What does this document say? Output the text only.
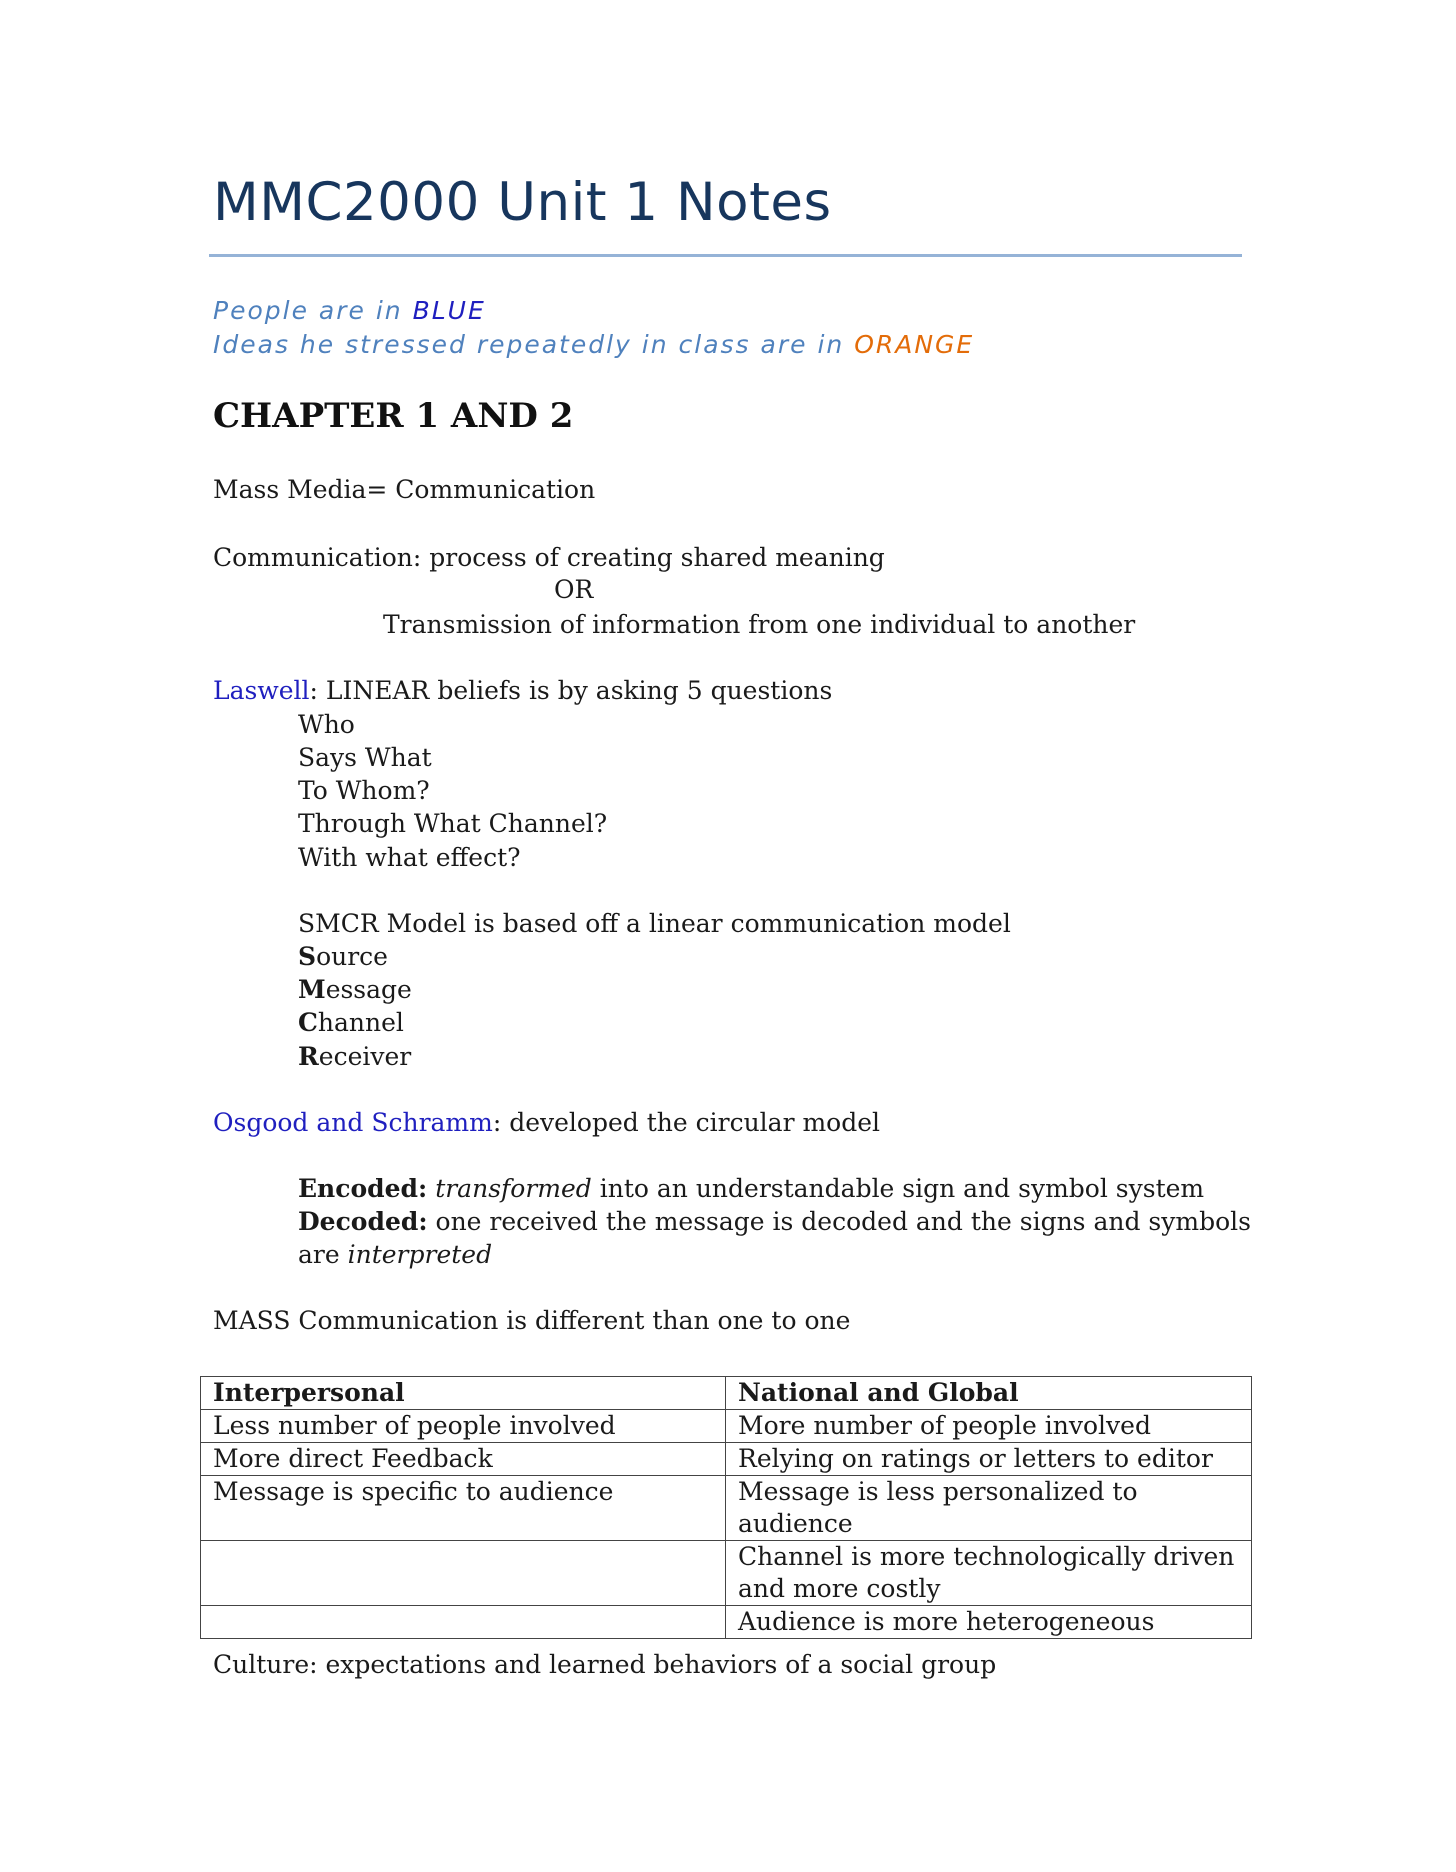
MMC2000 Unit 1 Notes
People are in BLUE
Ideas he stressed repeatedly in class are in ORANGE
CHAPTER 1 AND 2
Mass Media= Communication
Communication: process of creating shared meaning
OR
Transmission of information from one individual to another
Laswell: LINEAR beliefs is by asking 5 questions
Who
Says What
To Whom?
Through What Channel?
With what effect?
SMCR Model is based off a linear communication model
Source
Message
Channel
Receiver
Osgood and Schramm: developed the circular model
Encoded: transformed into an understandable sign and symbol system
Decoded: one received the message is decoded and the signs and symbols
are interpreted
MASS Communication is different than one to one
Interpersonal	National and Global
Less number of people involved	More number of people involved
More direct Feedback	Relying on ratings or letters to editor
Message is specific to audience	Message is less personalized to audience
	Channel is more technologically driven and more costly
	Audience is more heterogeneous
Culture: expectations and learned behaviors of a social group
